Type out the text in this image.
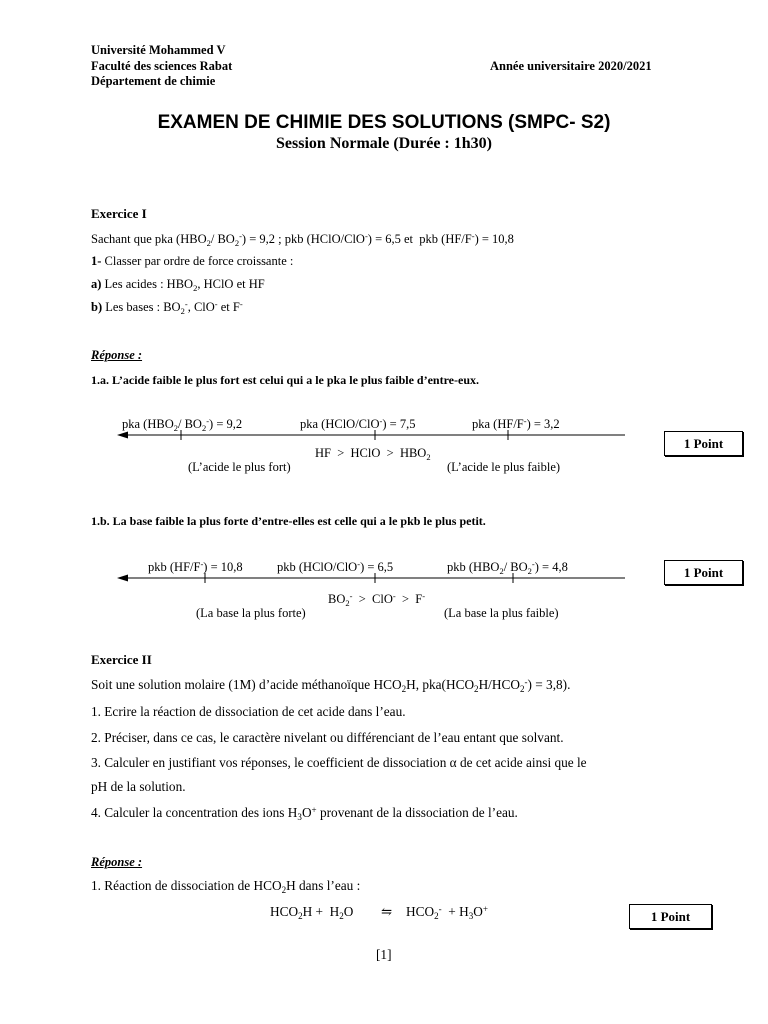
Université Mohammed V
Faculté des sciences Rabat
Département de chimie
Année universitaire 2020/2021
EXAMEN DE CHIMIE DES SOLUTIONS (SMPC- S2)
Session Normale (Durée : 1h30)
Exercice I
Sachant que pka ($HBO_2/$ $BO_2^-) = 9,2$ ; pkb (HClO/ClO-) = 6,5 et  pkb (HF/F-) = 10,8
1- Classer par ordre de force croissante :
a) Les acides : $HBO_2$, HClO et HF
b) Les bases : $BO_2^-$, ClO- et F-
Réponse :
1.a. L’acide faible le plus fort est celui qui a le pka le plus faible d’entre-eux.
pka ($HBO_2/$ $BO_2^-) = 9,2$	pka (HClO/ClO-) = 7,5	pka (HF/F-) = 3,2
HF  >  HClO  >  $HBO_2$
(L’acide le plus fort)	(L’acide le plus faible)
1 Point
1.b. La base faible la plus forte d’entre-elles est celle qui a le pkb le plus petit.
pkb (HF/F-) = 10,8	pkb (HClO/ClO-) = 6,5	pkb ($HBO_2/$ $BO_2^-) = 4,8$
$BO_2^- > ClO^- > F^-$
(La base la plus forte)	(La base la plus faible)
1 Point
Exercice II
Soit une solution molaire (1M) d’acide méthanoïque $HCO_2H$, $pka(HCO_2H/HCO_2^-) = 3,8$).
1. Ecrire la réaction de dissociation de cet acide dans l’eau.
2. Préciser, dans ce cas, le caractère nivelant ou différenciant de l’eau entant que solvant.
3. Calculer en justifiant vos réponses, le coefficient de dissociation α de cet acide ainsi que le
pH de la solution.
4. Calculer la concentration des ions $H_3O^+$ provenant de la dissociation de l’eau.
Réponse :
1. Réaction de dissociation de $HCO_2H$ dans l’eau :
$HCO_2H + H_2O$ ⇋ $HCO_2^- + H_3O^+$
1 Point
[1]
